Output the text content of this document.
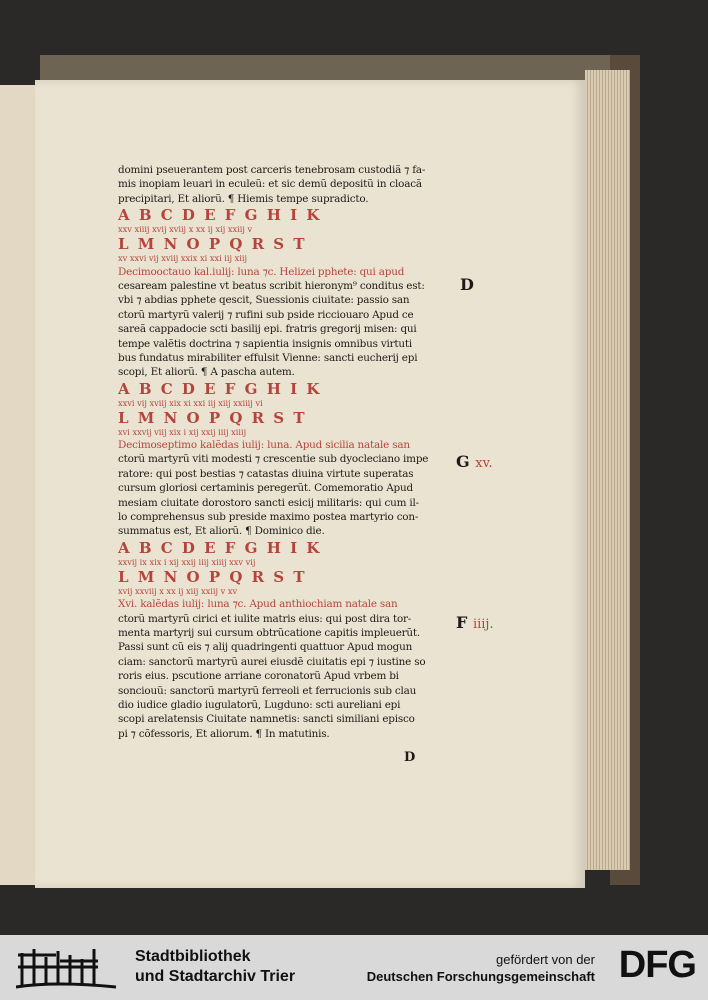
domini pseuerantem post carceris tenebrosam custodiã ⁊ fa-
mis inopiam leuari in eculeũ: et sic demũ depositũ in cloacã
precipitari, Et aliorũ. ¶ Hiemis tempe suprad​icto.
A B C D E F G H I K
xxv xiiij xvij xviij x xx ij xij xxiij v
L M N O P Q R S T
xv xxvi vij xviij xxix xi xxi iij xiij
Decimooctauo kal.iulij: luna ⁊c. Helizei pphete: qui apud
cesaream palestine vt beatus scribit hieronym⁹ conditus est:
vbi ⁊ abdias pphete qescit, Suessionis ciuitate: passio san
ctorũ martyrũ valerij ⁊ rufini sub pside ricciouaro Apud ce
sareã cappadocie scti basilij epi. fratris gregorij misen: qui
tempe valẽtis doctrina ⁊ sapientia insignis omnibus virtuti
bus fundatus mirabiliter effulsit Vienne: sancti eucherij epi
scopi, Et aliorũ. ¶ A pascha autem.
A B C D E F G H I K
xxvi vij xviij xix xi xxi iij xiij xxiiij vi
L M N O P Q R S T
xvi xxvij viij xix i xij xxij iiij xiiij
Decimoseptimo kalẽdas iulij: luna. Apud sicilia natale san
ctorũ martyrũ viti modesti ⁊ crescentie sub dyocleciano impe
ratore: qui post bestias ⁊ catastas diuina virtute superatas
cursum gloriosi certaminis peregerũt. Comemoratio Apud
mesiam ciuitate dorostoro sancti esicij militaris: qui cum il-
lo comprehensus sub preside maximo postea martyrio con-
summatus est, Et aliorũ. ¶ Dominico die.
A B C D E F G H I K
xxvij ix xix i xij xxij iiij xiiij xxv vij
L M N O P Q R S T
xvij xxviij x xx ij xiij xxiij v xv
Xvi. kalẽdas iulij: luna ⁊c. Apud anthiochiam natale san
ctorũ martyrũ cirici et iulite matris eius: qui post dira tor-
menta martyrij sui cursum obtrũcatione capitis impleuerũt.
Passi sunt cũ eis ⁊ alij quadringenti quattuor Apud mogun
ciam: sanctorũ martyrũ aurei eiusdẽ ciuitatis epi ⁊ iustine so
roris eius. pscutione arriane coronatorũ Apud vrbem bi
sonciouũ: sanctorũ martyrũ ferreoli et ferrucionis sub clau
dio iudice gladio iugulatorũ, Lugduno: scti aureliani epi
scopi arelatensis Ciuitate namnetis: sancti similiani episco
pi ⁊ cõfessoris, Et aliorum. ¶ In matutinis.
D
G xv.
F iiij.
D
Stadtbibliothek
und Stadtarchiv Trier
gefördert von der
Deutschen Forschungsgemeinschaft DFG
